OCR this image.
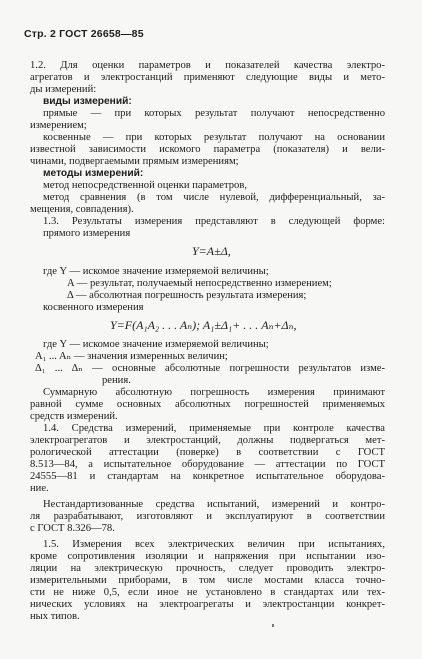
Стр. 2 ГОСТ 26658—85
1.2. Для оценки параметров и показателей качества электро-
агрегатов и электростанций применяют следующие виды и мето-
ды измерений:
виды измерений:
прямые — при которых результат получают непосредственно
измерением;
косвенные — при которых результат получают на основании
известной зависимости искомого параметра (показателя) и вели-
чинами, подвергаемыми прямым измерениям;
методы измерений:
метод непосредственной оценки параметров,
метод сравнения (в том числе нулевой, дифференциальный, за-
мещения, совпадения).
1.3. Результаты измерения представляют в следующей форме:
прямого измерения
Y=A±Δ,
где Y — искомое значение измеряемой величины;
A — результат, получаемый непосредственно измерением;
Δ — абсолютная погрешность результата измерения;
косвенного измерения
Y=F(A₁A₂ . . . Aₙ); A₁±Δ₁+ . . . Aₙ+Δₙ,
где Y — искомое значение измеряемой величины;
A₁ ... Aₙ — значения измеренных величин;
Δ₁ ... Δₙ — основные абсолютные погрешности результатов изме-
рения.
Суммарную абсолютную погрешность измерения принимают
равной сумме основных абсолютных погрешностей применяемых
средств измерений.
1.4. Средства измерений, применяемые при контроле качества
электроагрегатов и электростанций, должны подвергаться мет-
рологической аттестации (поверке) в соответствии с ГОСТ
8.513—84, а испытательное оборудование — аттестации по ГОСТ
24555—81 и стандартам на конкретное испытательное оборудова-
ние.
Нестандартизованные средства испытаний, измерений и контро-
ля разрабатывают, изготовляют и эксплуатируют в соответствии
с ГОСТ 8.326—78.
1.5. Измерения всех электрических величин при испытаниях,
кроме сопротивления изоляции и напряжения при испытании изо-
ляции на электрическую прочность, следует проводить электро-
измерительными приборами, в том числе мостами класса точно-
сти не ниже 0,5, если иное не установлено в стандартах или тех-
нических условиях на электроагрегаты и электростанции конкрет-
ных типов.
